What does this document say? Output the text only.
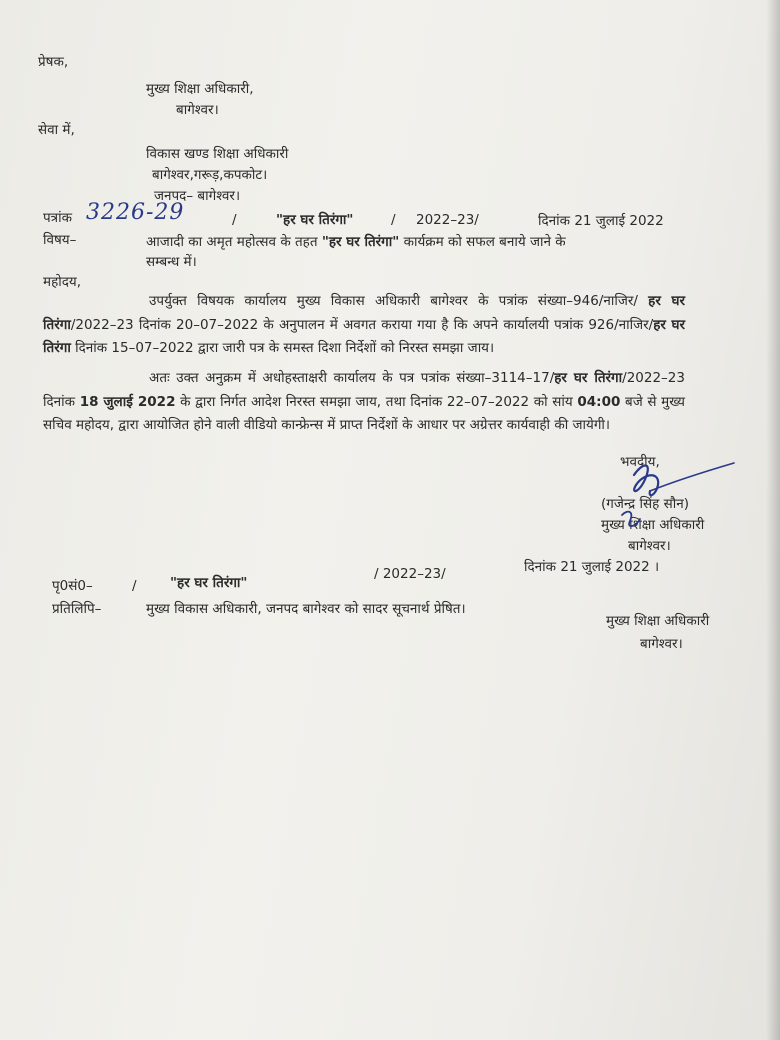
प्रेषक,
मुख्य शिक्षा अधिकारी,
बागेश्वर।
सेवा में,
विकास खण्ड शिक्षा अधिकारी
बागेश्वर,गरूड़,कपकोट।
जनपद– बागेश्वर।
पत्रांक 3226-29	/	"हर घर तिरंगा"	/ 2022–23/	दिनांक 21 जुलाई 2022
विषय–	आजादी का अमृत महोत्सव के तहत "हर घर तिरंगा" कार्यक्रम को सफल बनाये जाने के
सम्बन्ध में।
महोदय,
उपर्युक्त विषयक कार्यालय मुख्य विकास अधिकारी बागेश्वर के पत्रांक संख्या–946/नाजिर/ हर घर तिरंगा/2022–23 दिनांक 20–07–2022 के अनुपालन में अवगत कराया गया है कि अपने कार्यालयी पत्रांक 926/नाजिर/हर घर तिरंगा दिनांक 15–07–2022 द्वारा जारी पत्र के समस्त दिशा निर्देशों को निरस्त समझा जाय।
अतः उक्त अनुक्रम में अधोहस्ताक्षरी कार्यालय के पत्र पत्रांक संख्या–3114–17/हर घर तिरंगा/2022–23 दिनांक 18 जुलाई 2022 के द्वारा निर्गत आदेश निरस्त समझा जाय, तथा दिनांक 22–07–2022 को सांय 04:00 बजे से मुख्य सचिव महोदय, द्वारा आयोजित होने वाली वीडियो कान्फ्रेन्स में प्राप्त निर्देशों के आधार पर अग्रेत्तर कार्यवाही की जायेगी।
भवदीय,
(गजेन्द्र सिंह सौन)
मुख्य शिक्षा अधिकारी
बागेश्वर।
पृ0सं0–	/ "हर घर तिरंगा"
/ 2022–23/	दिनांक 21 जुलाई 2022 ।
प्रतिलिपि–	मुख्य विकास अधिकारी, जनपद बागेश्वर को सादर सूचनार्थ प्रेषित।
मुख्य शिक्षा अधिकारी
बागेश्वर।
